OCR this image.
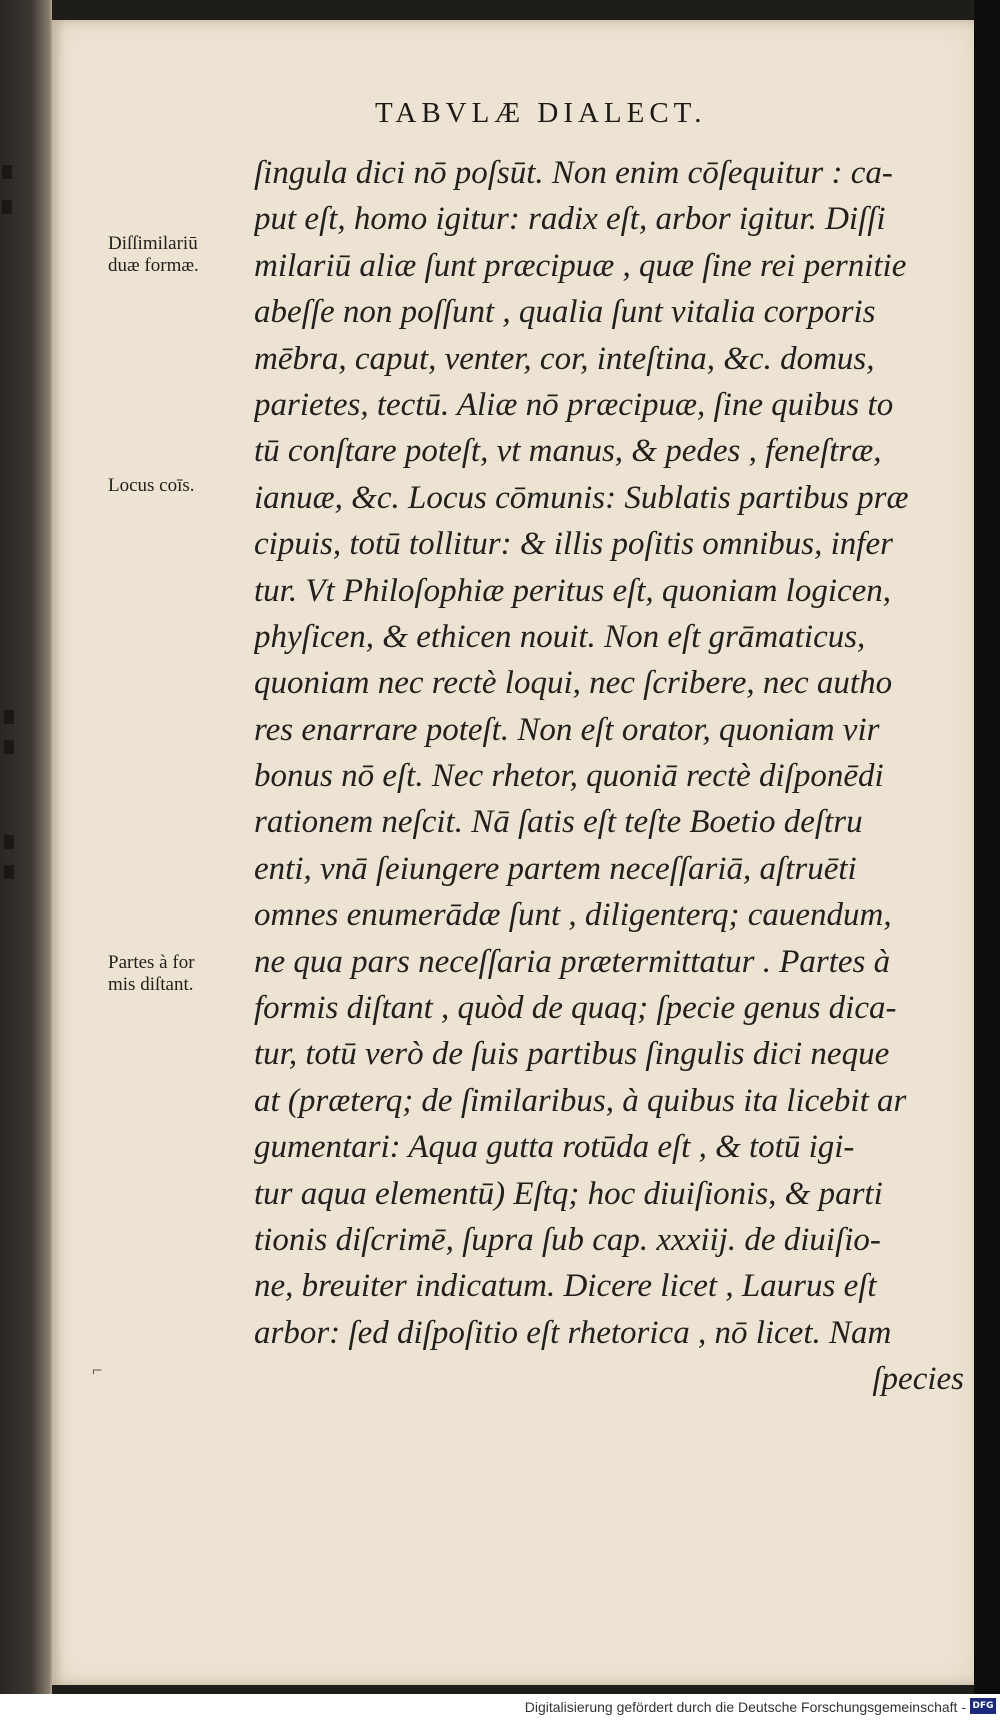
TABVLÆ DIALECT.
ſingula dici nō poſsūt. Non enim cōſequitur : ca-
put eſt, homo igitur: radix eſt, arbor igitur. Diſſi
milariū aliæ ſunt præcipuæ , quæ ſine rei pernitie
abeſſe non poſſunt , qualia ſunt vitalia corporis
mēbra, caput, venter, cor, inteſtina, &c. domus,
parietes, tectū. Aliæ nō præcipuæ, ſine quibus to
tū conſtare poteſt, vt manus, & pedes , feneſtræ,
ianuæ, &c. Locus cōmunis: Sublatis partibus præ
cipuis, totū tollitur: & illis poſitis omnibus, infer
tur. Vt Philoſophiæ peritus eſt, quoniam logicen,
phyſicen, & ethicen nouit. Non eſt grāmaticus,
quoniam nec rectè loqui, nec ſcribere, nec autho
res enarrare poteſt. Non eſt orator, quoniam vir
bonus nō eſt. Nec rhetor, quoniā rectè diſponēdi
rationem neſcit. Nā ſatis eſt teſte Boetio deſtru
enti, vnā ſeiungere partem neceſſariā, aſtruēti
omnes enumerādæ ſunt , diligenterq; cauendum,
ne qua pars neceſſaria prætermittatur . Partes à
formis diſtant , quòd de quaq; ſpecie genus dica-
tur, totū verò de ſuis partibus ſingulis dici neque
at (præterq; de ſimilaribus, à quibus ita licebit ar
gumentari: Aqua gutta rotūda eſt , & totū igi-
tur aqua elementū) Eſtq; hoc diuiſionis, & parti
tionis diſcrimē, ſupra ſub cap. xxxiij. de diuiſio-
ne, breuiter indicatum. Dicere licet , Laurus eſt
arbor: ſed diſpoſitio eſt rhetorica , nō licet. Nam
ſpecies
Diſſimilariū
duæ formæ.
Locus coīs.
Partes à for
mis diſtant.
⌐
Digitalisierung gefördert durch die Deutsche Forschungsgemeinschaft - DFG
